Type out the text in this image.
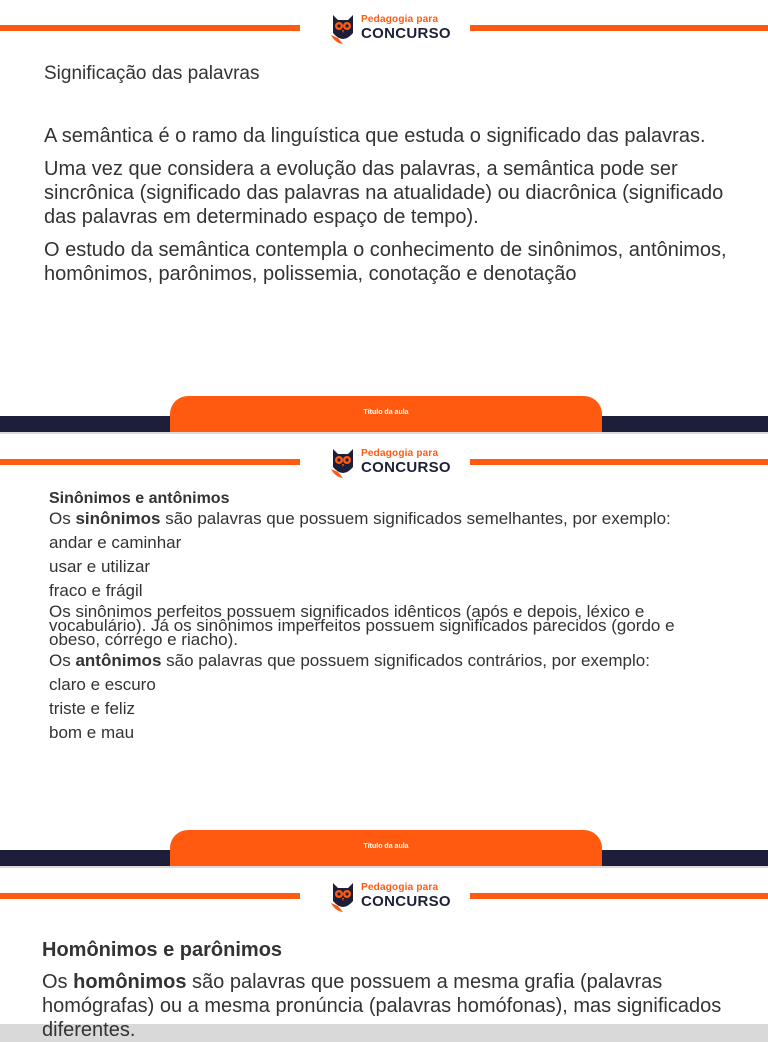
Pedagogia para
CONCURSO
Significação das palavras

A semântica é o ramo da linguística que estuda o significado das palavras.

Uma vez que considera a evolução das palavras, a semântica pode ser sincrônica (significado das palavras na atualidade) ou diacrônica (significado das palavras em determinado espaço de tempo).

O estudo da semântica contempla o conhecimento de sinônimos, antônimos, homônimos, parônimos, polissemia, conotação e denotação

Título da aula
Pedagogia para
CONCURSO
Título da aula
Sinônimos e antônimos
Os sinônimos são palavras que possuem significados semelhantes, por exemplo:
andar e caminhar
usar e utilizar
fraco e frágil
Os sinônimos perfeitos possuem significados idênticos (após e depois, léxico e vocabulário). Já os sinônimos imperfeitos possuem significados parecidos (gordo e obeso, córrego e riacho).
Os antônimos são palavras que possuem significados contrários, por exemplo:
claro e escuro
triste e feliz
bom e mau
Pedagogia para
CONCURSO
Homônimos e parônimos

Os homônimos são palavras que possuem a mesma grafia (palavras homógrafas) ou a mesma pronúncia (palavras homófonas), mas significados diferentes.
